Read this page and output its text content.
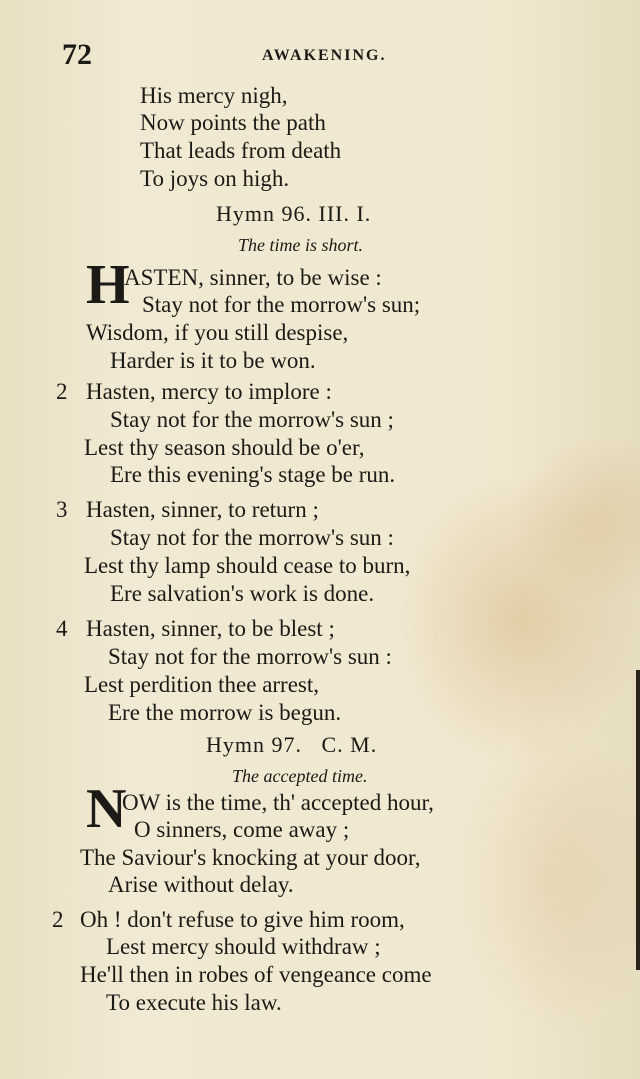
72	AWAKENING.
His mercy nigh,
Now points the path
That leads from death
To joys on high.
Hymn 96. III. I.
The time is short.
H
ASTEN, sinner, to be wise :
Stay not for the morrow's sun;
Wisdom, if you still despise,
Harder is it to be won.
2 Hasten, mercy to implore :
Stay not for the morrow's sun ;
Lest thy season should be o'er,
Ere this evening's stage be run.
3 Hasten, sinner, to return ;
Stay not for the morrow's sun :
Lest thy lamp should cease to burn,
Ere salvation's work is done.
4 Hasten, sinner, to be blest ;
Stay not for the morrow's sun :
Lest perdition thee arrest,
Ere the morrow is begun.
Hymn 97.   C. M.
The accepted time.
N
OW is the time, th' accepted hour,
O sinners, come away ;
The Saviour's knocking at your door,
Arise without delay.
2 Oh ! don't refuse to give him room,
Lest mercy should withdraw ;
He'll then in robes of vengeance come
To execute his law.
